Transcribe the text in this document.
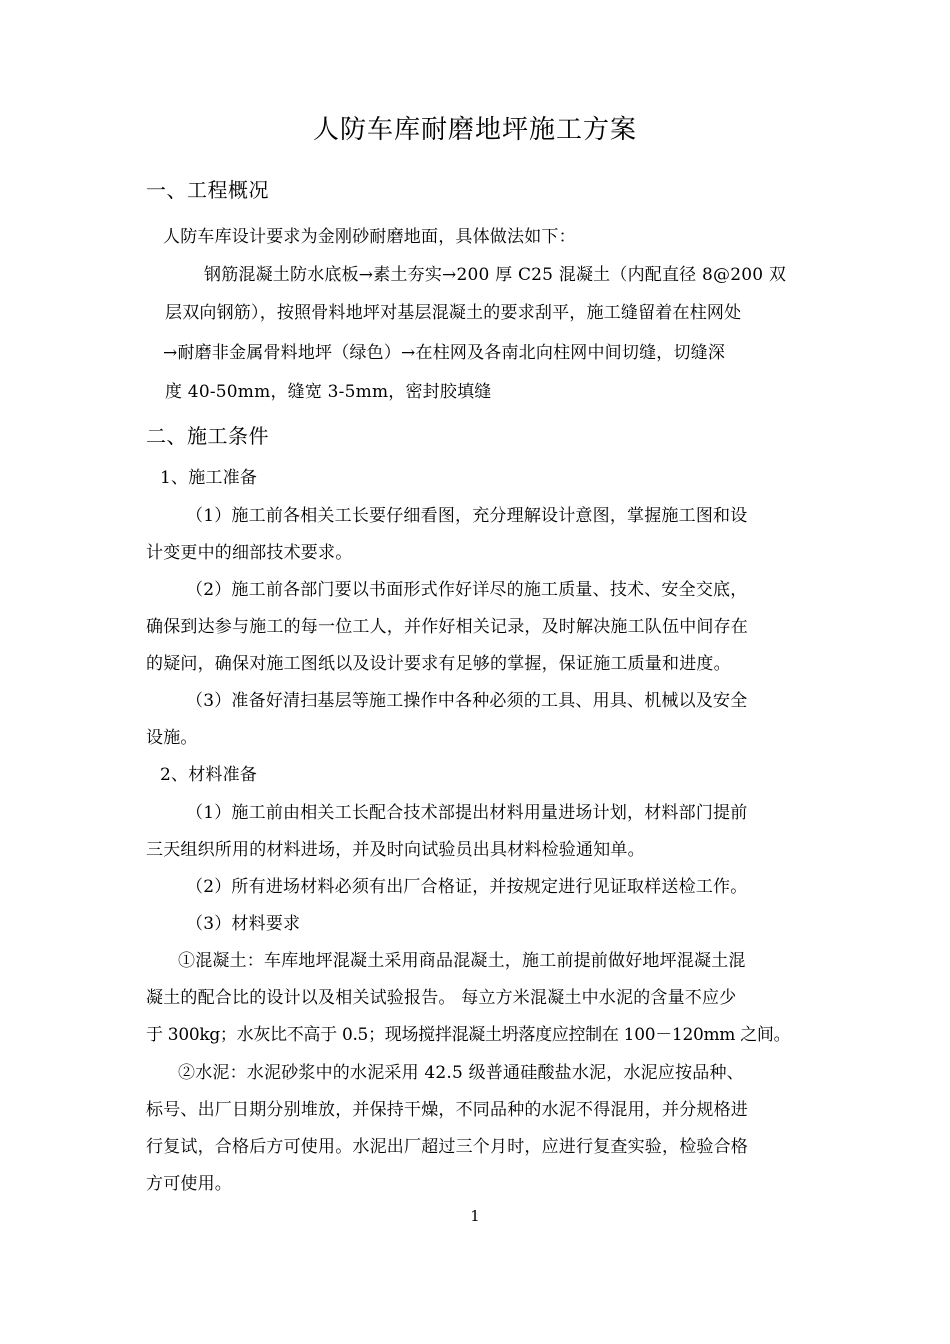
人防车库耐磨地坪施工方案
一、工程概况
人防车库设计要求为金刚砂耐磨地面，具体做法如下：
钢筋混凝土防水底板→素土夯实→200 厚 C25 混凝土（内配直径 8@200 双
层双向钢筋），按照骨料地坪对基层混凝土的要求刮平，施工缝留着在柱网处
→耐磨非金属骨料地坪（绿色）→在柱网及各南北向柱网中间切缝，切缝深
度 40-50mm，缝宽 3-5mm，密封胶填缝
二、施工条件
1、施工准备
（1）施工前各相关工长要仔细看图，充分理解设计意图，掌握施工图和设
计变更中的细部技术要求。
（2）施工前各部门要以书面形式作好详尽的施工质量、技术、安全交底，
确保到达参与施工的每一位工人，并作好相关记录，及时解决施工队伍中间存在
的疑问，确保对施工图纸以及设计要求有足够的掌握，保证施工质量和进度。
（3）准备好清扫基层等施工操作中各种必须的工具、用具、机械以及安全
设施。
2、材料准备
（1）施工前由相关工长配合技术部提出材料用量进场计划，材料部门提前
三天组织所用的材料进场，并及时向试验员出具材料检验通知单。
（2）所有进场材料必须有出厂合格证，并按规定进行见证取样送检工作。
（3）材料要求
①混凝土：车库地坪混凝土采用商品混凝土，施工前提前做好地坪混凝土混
凝土的配合比的设计以及相关试验报告。 每立方米混凝土中水泥的含量不应少
于 300kg；水灰比不高于 0.5；现场搅拌混凝土坍落度应控制在 100－120mm 之间。
②水泥：水泥砂浆中的水泥采用 42.5 级普通硅酸盐水泥，水泥应按品种、
标号、出厂日期分别堆放，并保持干燥，不同品种的水泥不得混用，并分规格进
行复试，合格后方可使用。水泥出厂超过三个月时，应进行复查实验，检验合格
方可使用。
1
